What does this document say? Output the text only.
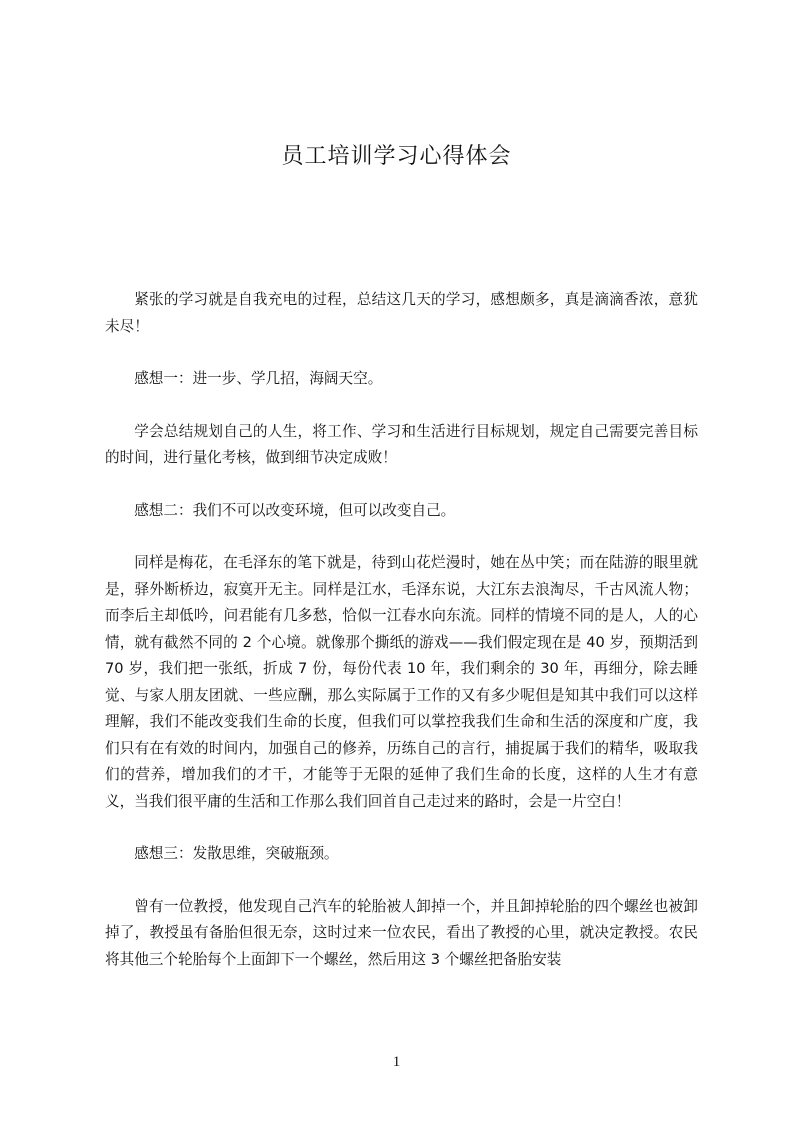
员工培训学习心得体会

紧张的学习就是自我充电的过程，总结这几天的学习，感想颇多，真是滴滴香浓，意犹未尽！

感想一：进一步、学几招，海阔天空。

学会总结规划自己的人生，将工作、学习和生活进行目标规划，规定自己需要完善目标的时间，进行量化考核，做到细节决定成败！

感想二：我们不可以改变环境，但可以改变自己。

同样是梅花，在毛泽东的笔下就是，待到山花烂漫时，她在丛中笑；而在陆游的眼里就是，驿外断桥边，寂寞开无主。同样是江水，毛泽东说，大江东去浪淘尽，千古风流人物；而李后主却低吟，问君能有几多愁，恰似一江春水向东流。同样的情境不同的是人，人的心情，就有截然不同的 2 个心境。就像那个撕纸的游戏——我们假定现在是 40 岁，预期活到 70 岁，我们把一张纸，折成 7 份，每份代表 10 年，我们剩余的 30 年，再细分，除去睡觉、与家人朋友团就、一些应酬，那么实际属于工作的又有多少呢但是知其中我们可以这样理解，我们不能改变我们生命的长度，但我们可以掌控我我们生命和生活的深度和广度，我们只有在有效的时间内，加强自己的修养，历练自己的言行，捕捉属于我们的精华，吸取我们的营养，增加我们的才干，才能等于无限的延伸了我们生命的长度，这样的人生才有意义，当我们很平庸的生活和工作那么我们回首自己走过来的路时，会是一片空白！

感想三：发散思维，突破瓶颈。

曾有一位教授，他发现自己汽车的轮胎被人卸掉一个，并且卸掉轮胎的四个螺丝也被卸掉了，教授虽有备胎但很无奈，这时过来一位农民，看出了教授的心里，就决定教授。农民将其他三个轮胎每个上面卸下一个螺丝，然后用这 3 个螺丝把备胎安装

1
